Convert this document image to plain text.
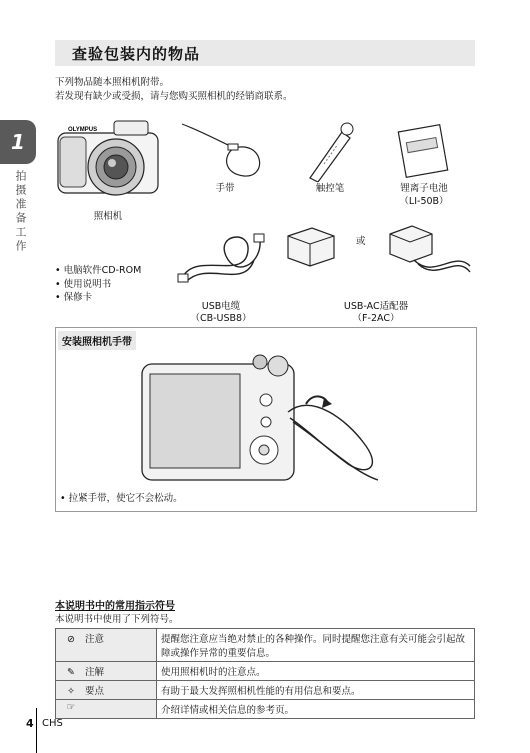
查验包装内的物品
下列物品随本照相机附带。
若发现有缺少或受损，请与您购买照相机的经销商联系。
1
拍摄准备工作
OLYMPUS
照相机
手带	触控笔	锂离子电池
（LI-50B）
USB电缆
（CB-USB8）
或
USB-AC适配器
（F-2AC）
• 电脑软件CD-ROM
• 使用说明书
• 保修卡
安装照相机手带
• 拉紧手带，使它不会松动。
本说明书中的常用指示符号
本说明书中使用了下列符号。
⊘ 注意	提醒您注意应当绝对禁止的各种操作。同时提醒您注意有关可能会引起故障或操作异常的重要信息。
✎ 注解	使用照相机时的注意点。
✧ 要点	有助于最大发挥照相机性能的有用信息和要点。
☞	介绍详情或相关信息的参考页。
4 CHS
